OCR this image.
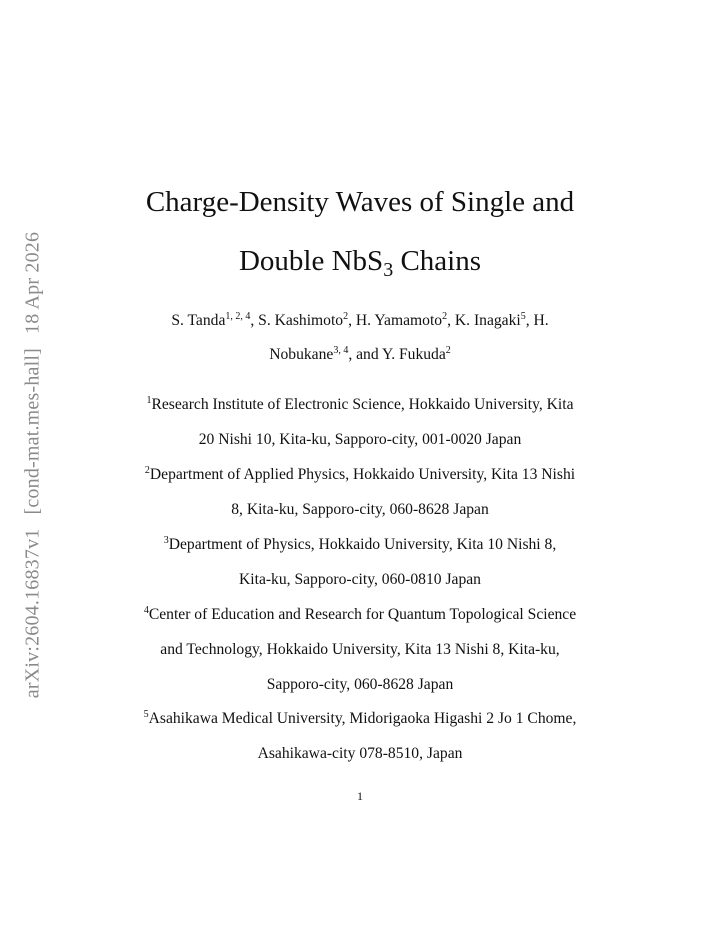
arXiv:2604.16837v1[cond-mat.mes-hall]18 Apr 2026
Charge-Density Waves of Single and
Double NbS$_3$ Chains
S. Tanda$^{1, 2, 4}$, S. Kashimoto$^2$, H. Yamamoto$^2$, K. Inagaki$^5$, H.
Nobukane$^{3, 4}$, and Y. Fukuda$^2$
$^1$Research Institute of Electronic Science, Hokkaido University, Kita
20 Nishi 10, Kita-ku, Sapporo-city, 001-0020 Japan
$^2$Department of Applied Physics, Hokkaido University, Kita 13 Nishi
8, Kita-ku, Sapporo-city, 060-8628 Japan
$^3$Department of Physics, Hokkaido University, Kita 10 Nishi 8,
Kita-ku, Sapporo-city, 060-0810 Japan
$^4$Center of Education and Research for Quantum Topological Science
and Technology, Hokkaido University, Kita 13 Nishi 8, Kita-ku,
Sapporo-city, 060-8628 Japan
$^5$Asahikawa Medical University, Midorigaoka Higashi 2 Jo 1 Chome,
Asahikawa-city 078-8510, Japan
1
